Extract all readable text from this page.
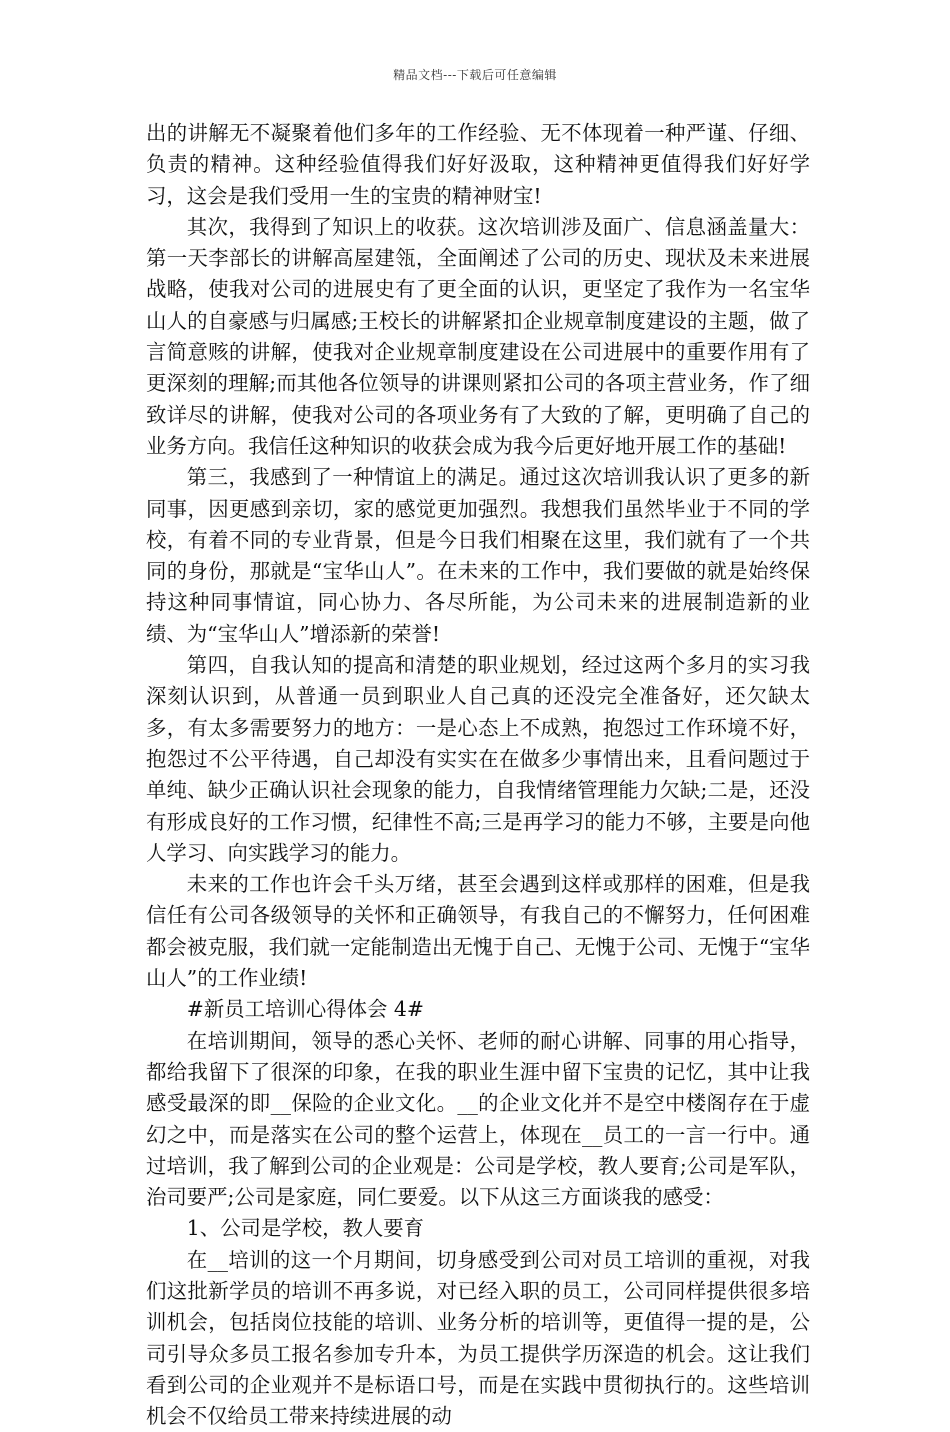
精品文档---下载后可任意编辑

出的讲解无不凝聚着他们多年的工作经验、无不体现着一种严谨、仔细、负责的精神。这种经验值得我们好好汲取，这种精神更值得我们好好学习，这会是我们受用一生的宝贵的精神财宝!

其次，我得到了知识上的收获。这次培训涉及面广、信息涵盖量大：第一天李部长的讲解高屋建瓴，全面阐述了公司的历史、现状及未来进展战略，使我对公司的进展史有了更全面的认识，更坚定了我作为一名宝华山人的自豪感与归属感;王校长的讲解紧扣企业规章制度建设的主题，做了言简意赅的讲解，使我对企业规章制度建设在公司进展中的重要作用有了更深刻的理解;而其他各位领导的讲课则紧扣公司的各项主营业务，作了细致详尽的讲解，使我对公司的各项业务有了大致的了解，更明确了自己的业务方向。我信任这种知识的收获会成为我今后更好地开展工作的基础!

第三，我感到了一种情谊上的满足。通过这次培训我认识了更多的新同事，因更感到亲切，家的感觉更加强烈。我想我们虽然毕业于不同的学校，有着不同的专业背景，但是今日我们相聚在这里，我们就有了一个共同的身份，那就是“宝华山人”。在未来的工作中，我们要做的就是始终保持这种同事情谊，同心协力、各尽所能，为公司未来的进展制造新的业绩、为“宝华山人”增添新的荣誉!

第四，自我认知的提高和清楚的职业规划，经过这两个多月的实习我深刻认识到，从普通一员到职业人自己真的还没完全准备好，还欠缺太多，有太多需要努力的地方：一是心态上不成熟，抱怨过工作环境不好，抱怨过不公平待遇，自己却没有实实在在做多少事情出来，且看问题过于单纯、缺少正确认识社会现象的能力，自我情绪管理能力欠缺;二是，还没有形成良好的工作习惯，纪律性不高;三是再学习的能力不够，主要是向他人学习、向实践学习的能力。

未来的工作也许会千头万绪，甚至会遇到这样或那样的困难，但是我信任有公司各级领导的关怀和正确领导，有我自己的不懈努力，任何困难都会被克服，我们就一定能制造出无愧于自己、无愧于公司、无愧于“宝华山人”的工作业绩!

#新员工培训心得体会 4#

在培训期间，领导的悉心关怀、老师的耐心讲解、同事的用心指导，都给我留下了很深的印象，在我的职业生涯中留下宝贵的记忆，其中让我感受最深的即__保险的企业文化。__的企业文化并不是空中楼阁存在于虚幻之中，而是落实在公司的整个运营上，体现在__员工的一言一行中。通过培训，我了解到公司的企业观是：公司是学校，教人要育;公司是军队，治司要严;公司是家庭，同仁要爱。以下从这三方面谈我的感受：

1、公司是学校，教人要育

在__培训的这一个月期间，切身感受到公司对员工培训的重视，对我们这批新学员的培训不再多说，对已经入职的员工，公司同样提供很多培训机会，包括岗位技能的培训、业务分析的培训等，更值得一提的是，公司引导众多员工报名参加专升本，为员工提供学历深造的机会。这让我们看到公司的企业观并不是标语口号，而是在实践中贯彻执行的。这些培训机会不仅给员工带来持续进展的动
